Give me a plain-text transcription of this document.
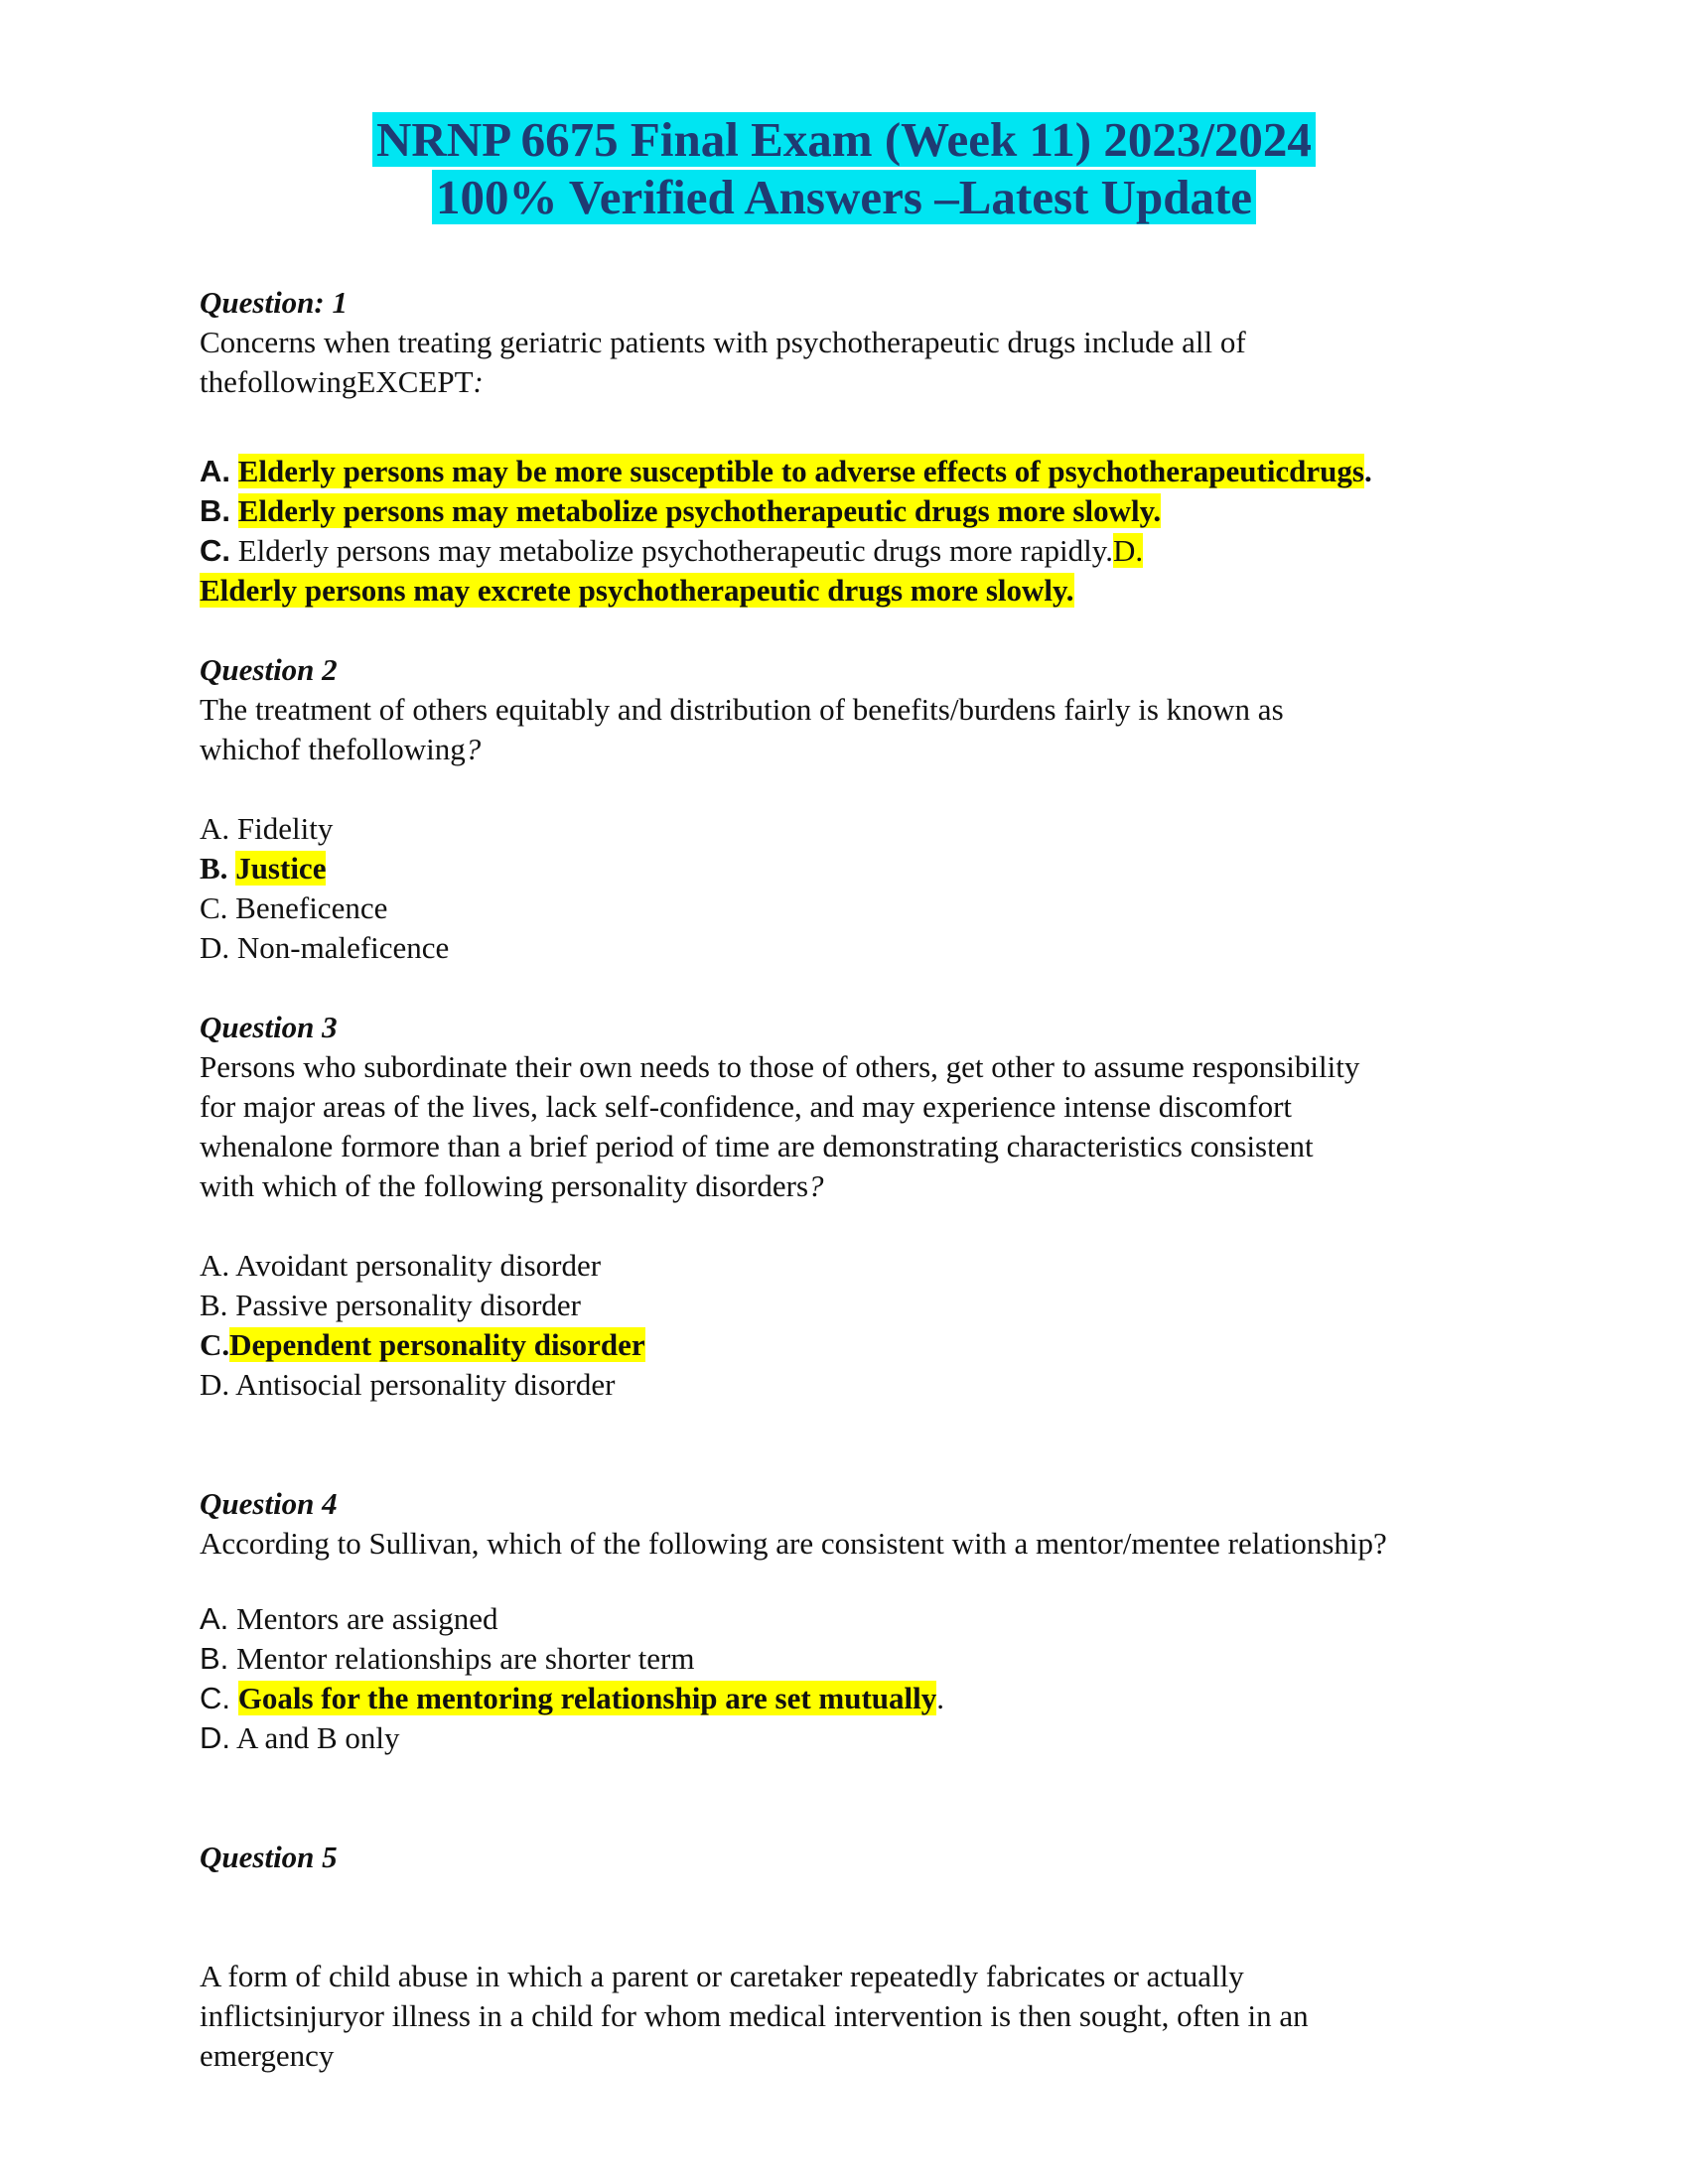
NRNP 6675 Final Exam (Week 11) 2023/2024
100% Verified Answers –Latest Update

Question: 1

Concerns when treating geriatric patients with psychotherapeutic drugs include all of
thefollowingEXCEPT:

A. Elderly persons may be more susceptible to adverse effects of psychotherapeuticdrugs.

B. Elderly persons may metabolize psychotherapeutic drugs more slowly.

C. Elderly persons may metabolize psychotherapeutic drugs more rapidly.D.
Elderly persons may excrete psychotherapeutic drugs more slowly.

Question 2

The treatment of others equitably and distribution of benefits/burdens fairly is known as
whichof thefollowing?

A. Fidelity

B. Justice

C. Beneficence

D. Non-maleficence

Question 3

Persons who subordinate their own needs to those of others, get other to assume responsibility
for major areas of the lives, lack self-confidence, and may experience intense discomfort
whenalone formore than a brief period of time are demonstrating characteristics consistent
with which of the following personality disorders?

A. Avoidant personality disorder

B. Passive personality disorder

C.Dependent personality disorder

D. Antisocial personality disorder

Question 4

According to Sullivan, which of the following are consistent with a mentor/mentee relationship?

A. Mentors are assigned

B. Mentor relationships are shorter term

C. Goals for the mentoring relationship are set mutually.

D. A and B only

Question 5

A form of child abuse in which a parent or caretaker repeatedly fabricates or actually
inflictsinjuryor illness in a child for whom medical intervention is then sought, often in an
emergency
